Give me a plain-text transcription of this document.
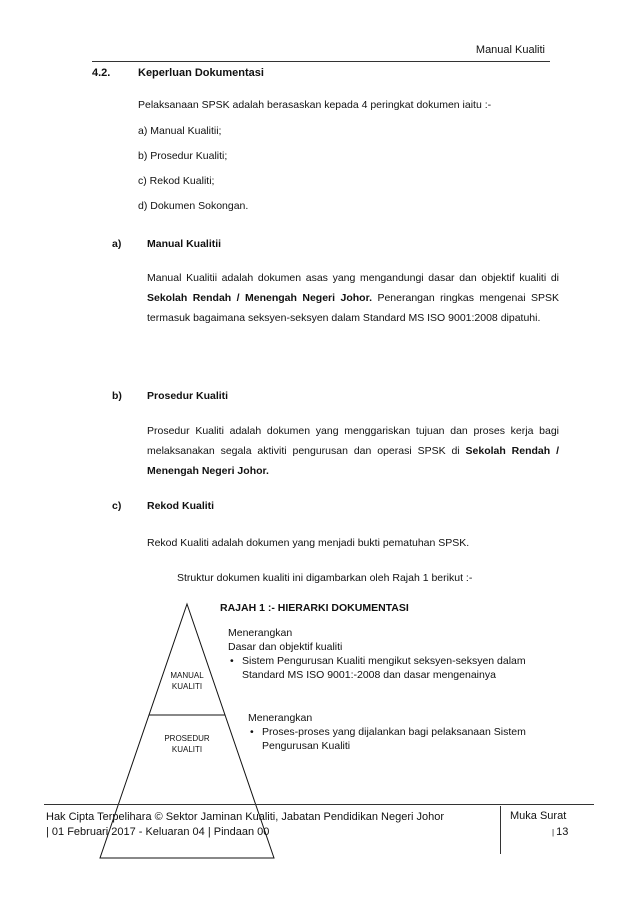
Manual Kualiti
4.2.	Keperluan Dokumentasi
Pelaksanaan SPSK adalah berasaskan kepada 4 peringkat dokumen iaitu :-
a) Manual Kualitii;
b) Prosedur Kualiti;
c) Rekod Kualiti;
d) Dokumen Sokongan.
a) Manual Kualitii
Manual Kualitii adalah dokumen asas yang mengandungi dasar dan objektif kualiti di Sekolah Rendah / Menengah Negeri Johor. Penerangan ringkas mengenai SPSK termasuk bagaimana seksyen-seksyen dalam Standard MS ISO 9001:2008 dipatuhi.
b) Prosedur Kualiti
Prosedur Kualiti adalah dokumen yang menggariskan tujuan dan proses kerja bagi melaksanakan segala aktiviti pengurusan dan operasi SPSK di Sekolah Rendah / Menengah Negeri Johor.
c) Rekod Kualiti
Rekod Kualiti adalah dokumen yang menjadi bukti pematuhan SPSK.
Struktur dokumen kualiti ini digambarkan oleh Rajah 1 berikut :-
RAJAH 1 :- HIERARKI DOKUMENTASI
MANUAL
KUALITI
PROSEDUR
KUALITI
Menerangkan
Dasar dan objektif kualiti
• Sistem Pengurusan Kualiti mengikut seksyen-seksyen dalam Standard MS ISO 9001:-2008 dan dasar mengenainya
Menerangkan
• Proses-proses yang dijalankan bagi pelaksanaan Sistem Pengurusan Kualiti
Hak Cipta Terpelihara © Sektor Jaminan Kualiti, Jabatan Pendidikan Negeri Johor
| 01 Februari 2017 - Keluaran 04 | Pindaan 00
Muka Surat
| 13
